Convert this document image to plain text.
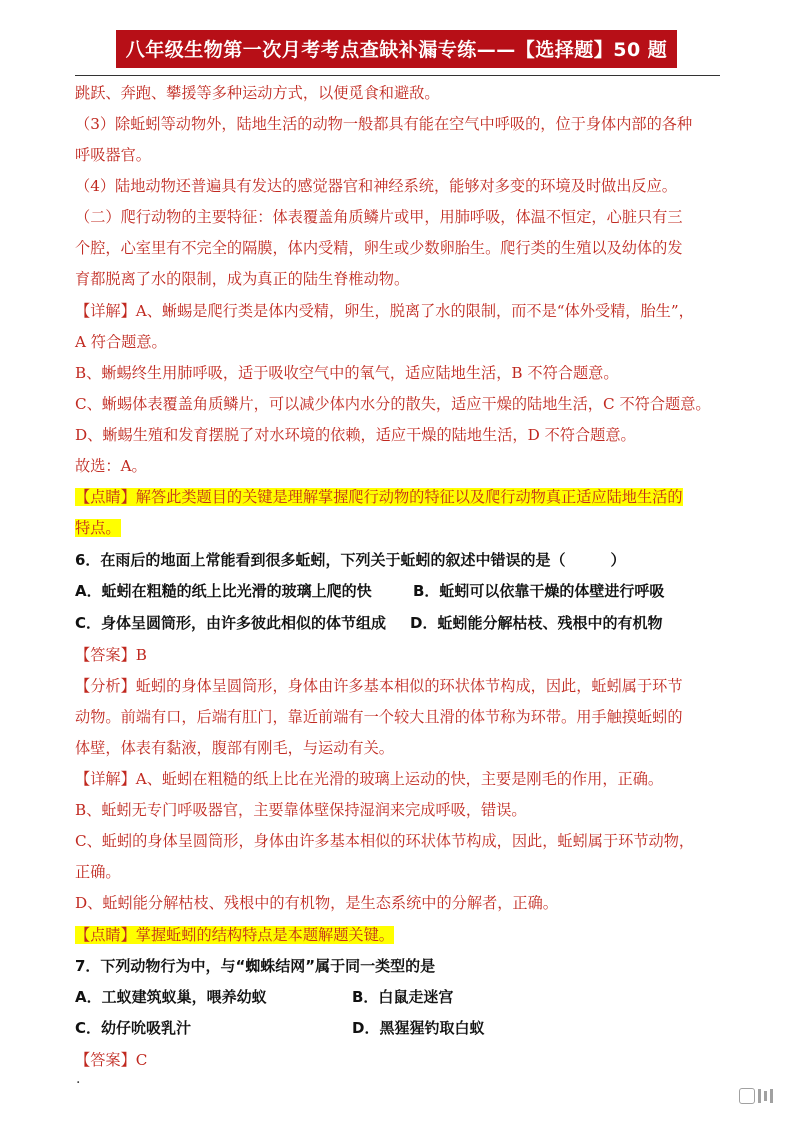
八年级生物第一次月考考点查缺补漏专练——【选择题】50 题
跳跃、奔跑、攀援等多种运动方式，以便觅食和避敌。
（3）除蚯蚓等动物外，陆地生活的动物一般都具有能在空气中呼吸的，位于身体内部的各种
呼吸器官。
（4）陆地动物还普遍具有发达的感觉器官和神经系统，能够对多变的环境及时做出反应。
（二）爬行动物的主要特征：体表覆盖角质鳞片或甲，用肺呼吸，体温不恒定，心脏只有三
个腔，心室里有不完全的隔膜，体内受精，卵生或少数卵胎生。爬行类的生殖以及幼体的发
育都脱离了水的限制，成为真正的陆生脊椎动物。
【详解】A、蜥蜴是爬行类是体内受精，卵生，脱离了水的限制，而不是“体外受精，胎生”，
A 符合题意。
B、蜥蜴终生用肺呼吸，适于吸收空气中的氧气，适应陆地生活，B 不符合题意。
C、蜥蜴体表覆盖角质鳞片，可以减少体内水分的散失，适应干燥的陆地生活，C 不符合题意。
D、蜥蜴生殖和发育摆脱了对水环境的依赖，适应干燥的陆地生活，D 不符合题意。
故选：A。
【点睛】解答此类题目的关键是理解掌握爬行动物的特征以及爬行动物真正适应陆地生活的
特点。
6．在雨后的地面上常能看到很多蚯蚓，下列关于蚯蚓的叙述中错误的是（　　　）
A．蚯蚓在粗糙的纸上比光滑的玻璃上爬的快	B．蚯蚓可以依靠干燥的体壁进行呼吸
C．身体呈圆筒形，由许多彼此相似的体节组成 D．蚯蚓能分解枯枝、残根中的有机物
【答案】B
【分析】蚯蚓的身体呈圆筒形，身体由许多基本相似的环状体节构成，因此，蚯蚓属于环节
动物。前端有口，后端有肛门，靠近前端有一个较大且滑的体节称为环带。用手触摸蚯蚓的
体壁，体表有黏液，腹部有刚毛，与运动有关。
【详解】A、蚯蚓在粗糙的纸上比在光滑的玻璃上运动的快，主要是刚毛的作用，正确。
B、蚯蚓无专门呼吸器官，主要靠体壁保持湿润来完成呼吸，错误。
C、蚯蚓的身体呈圆筒形，身体由许多基本相似的环状体节构成，因此，蚯蚓属于环节动物，
正确。
D、蚯蚓能分解枯枝、残根中的有机物，是生态系统中的分解者，正确。
【点睛】掌握蚯蚓的结构特点是本题解题关键。
7．下列动物行为中，与“蜘蛛结网”属于同一类型的是
A．工蚁建筑蚁巢，喂养幼蚁	B．白鼠走迷宫
C．幼仔吮吸乳汁	D．黑猩猩钓取白蚁
【答案】C
·
